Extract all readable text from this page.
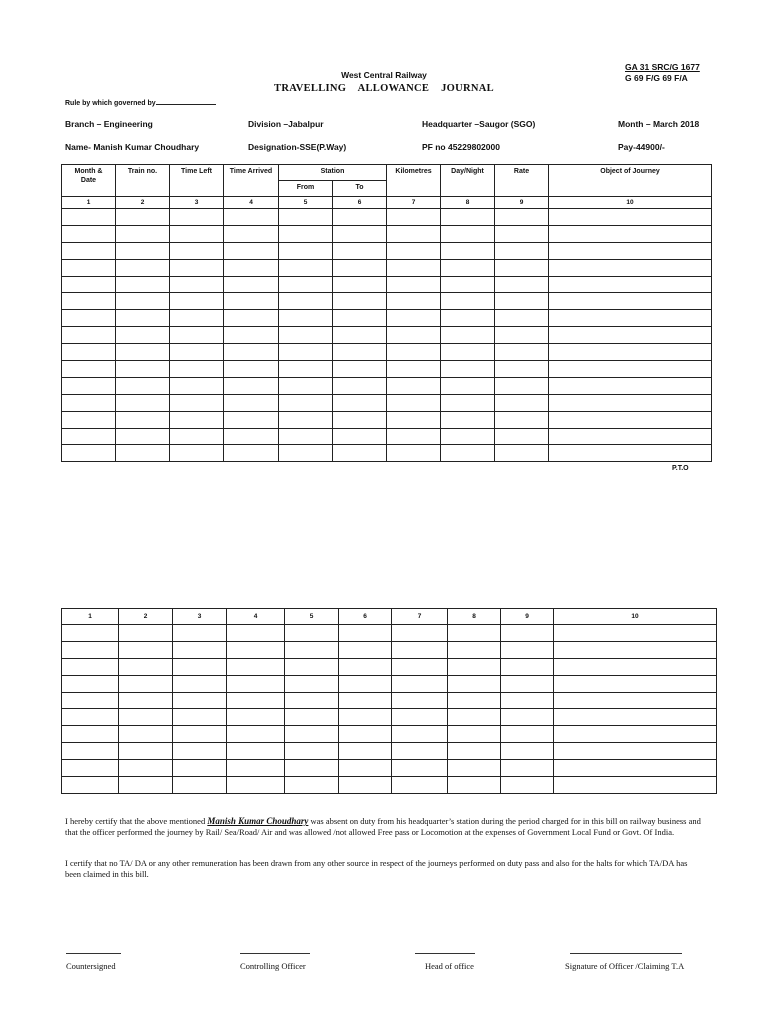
GA 31 SRC/G 1677
G 69 F/G 69 F/A
West Central Railway
TRAVELLING ALLOWANCE JOURNAL
Rule by which governed by
Branch – Engineering	Division –Jabalpur	Headquarter –Saugor (SGO)	Month – March 2018
Name- Manish Kumar Choudhary	Designation-SSE(P.Way)	PF no 45229802000	Pay-44900/-
Month &
Date	Train no.	Time Left	Time Arrived	Station		Kilometres	Day/Night	Rate	Object of Journey
				From	To				
1	2	3	4	5	6	7	8	9	10

P.T.O
1	2	3	4	5	6	7	8	9	10

I hereby certify that the above mentioned Manish Kumar Choudhary was absent on duty from his headquarter’s station during the period charged for in this bill on railway business and that the officer performed the journey by Rail/ Sea/Road/ Air and was allowed /not allowed Free pass or Locomotion at the expenses of Government Local Fund or Govt. Of India.
I certify that no TA/ DA or any other remuneration has been drawn from any other source in respect of the journeys performed on duty pass and also for the halts for which TA/DA has been claimed in this bill.
Countersigned	Controlling Officer	Head of office	Signature of Officer /Claiming T.A
